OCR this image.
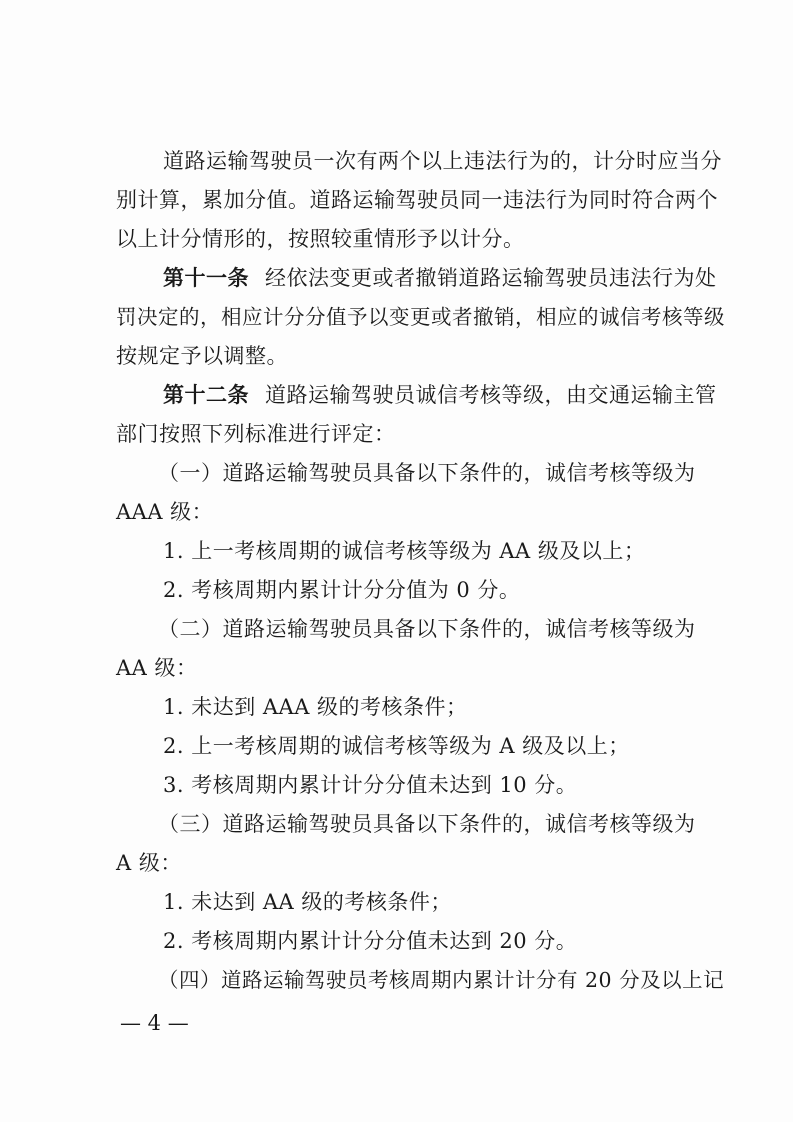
道路运输驾驶员一次有两个以上违法行为的，计分时应当分
别计算，累加分值。道路运输驾驶员同一违法行为同时符合两个
以上计分情形的，按照较重情形予以计分。
第十一条 经依法变更或者撤销道路运输驾驶员违法行为处
罚决定的，相应计分分值予以变更或者撤销，相应的诚信考核等级
按规定予以调整。
第十二条 道路运输驾驶员诚信考核等级，由交通运输主管
部门按照下列标准进行评定：
（一）道路运输驾驶员具备以下条件的，诚信考核等级为
AAA 级：
1. 上一考核周期的诚信考核等级为 AA 级及以上；
2. 考核周期内累计计分分值为 0 分。
（二）道路运输驾驶员具备以下条件的，诚信考核等级为
AA 级：
1. 未达到 AAA 级的考核条件；
2. 上一考核周期的诚信考核等级为 A 级及以上；
3. 考核周期内累计计分分值未达到 10 分。
（三）道路运输驾驶员具备以下条件的，诚信考核等级为
A 级：
1. 未达到 AA 级的考核条件；
2. 考核周期内累计计分分值未达到 20 分。
（四）道路运输驾驶员考核周期内累计计分有 20 分及以上记
— 4 —
